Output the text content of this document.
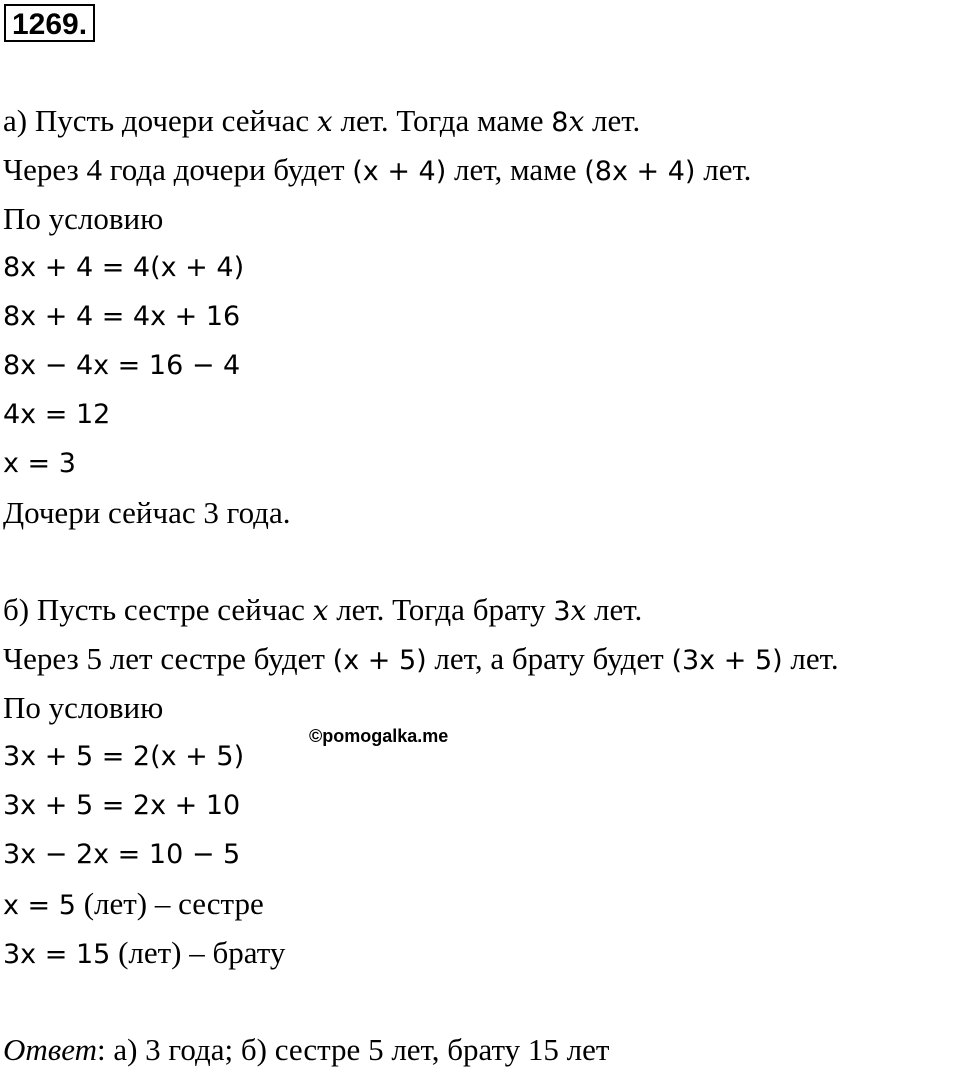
1269.
а) Пусть дочери сейчас x лет. Тогда маме 8x лет.
Через 4 года дочери будет (x + 4) лет, маме (8x + 4) лет.
По условию
8x + 4 = 4(x + 4)
8x + 4 = 4x + 16
8x − 4x = 16 − 4
4x = 12
x = 3
Дочери сейчас 3 года.
б) Пусть сестре сейчас x лет. Тогда брату 3x лет.
Через 5 лет сестре будет (x + 5) лет, а брату будет (3x + 5) лет.
По условию
©pomogalka.me
3x + 5 = 2(x + 5)
3x + 5 = 2x + 10
3x − 2x = 10 − 5
x = 5 (лет) – сестре
3x = 15 (лет) – брату
Ответ: а) 3 года; б) сестре 5 лет, брату 15 лет
